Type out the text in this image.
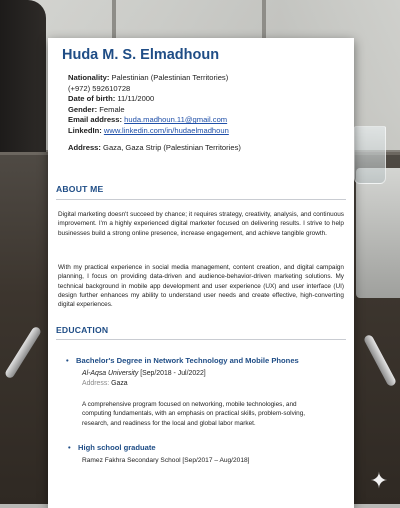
✦
Huda M. S. Elmadhoun
Nationality: Palestinian (Palestinian Territories)
(+972) 592610728
Date of birth: 11/11/2000
Gender: Female
Email address: huda.madhoun.11@gmail.com
LinkedIn: www.linkedin.com/in/hudaelmadhoun
Address: Gaza, Gaza Strip (Palestinian Territories)
ABOUT ME
Digital marketing doesn't succeed by chance; it requires strategy, creativity, analysis, and continuous improvement. I'm a highly experienced digital marketer focused on delivering results. I strive to help businesses build a strong online presence, increase engagement, and achieve tangible growth.
With my practical experience in social media management, content creation, and digital campaign planning, I focus on providing data-driven and audience-behavior-driven marketing solutions. My technical background in mobile app development and user experience (UX) and user interface (UI) design further enhances my ability to understand user needs and create effective, high-converting digital experiences.
EDUCATION
• Bachelor's Degree in Network Technology and Mobile Phones
Al-Aqsa University [Sep/2018 - Jul/2022]
Address: Gaza
A comprehensive program focused on networking, mobile technologies, and computing fundamentals, with an emphasis on practical skills, problem-solving, research, and readiness for the local and global labor market.
• High school graduate
Ramez Fakhra Secondary School [Sep/2017 – Aug/2018]
